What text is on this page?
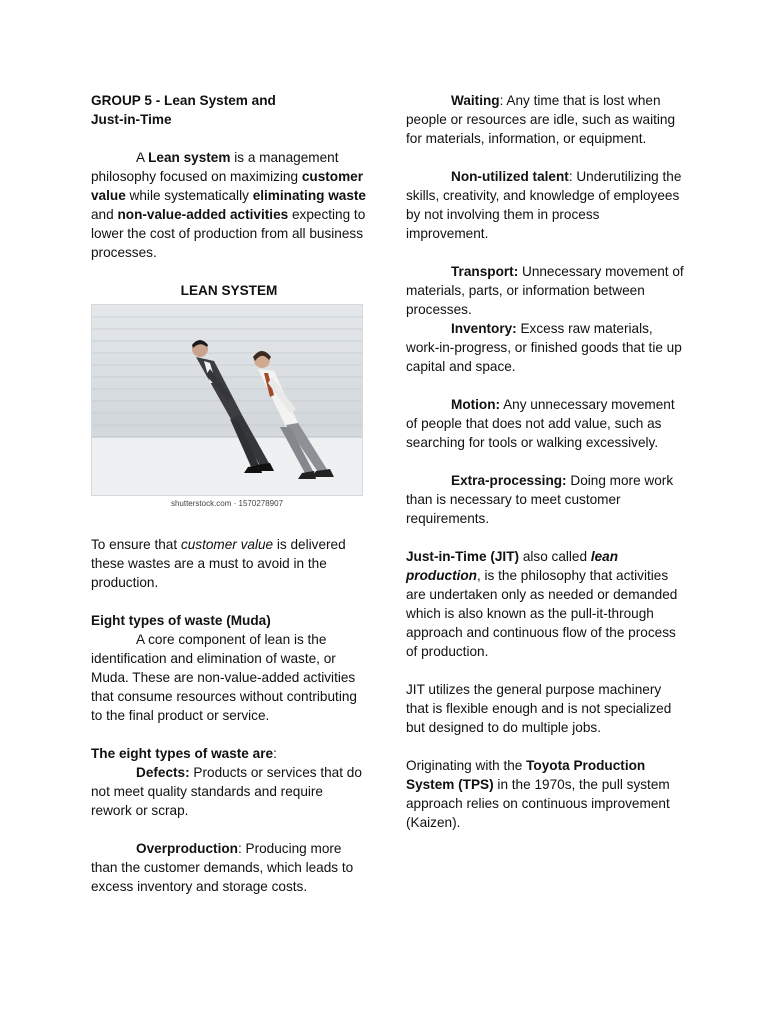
GROUP 5 - Lean System and
Just-in-Time

A Lean system is a management philosophy focused on maximizing customer value while systematically eliminating waste and non-value-added activities expecting to lower the cost of production from all business processes.

LEAN SYSTEM

shutterstock.com · 1570278907

To ensure that customer value is delivered these wastes are a must to avoid in the production.

Eight types of waste (Muda)

A core component of lean is the identification and elimination of waste, or Muda. These are non-value-added activities that consume resources without contributing to the final product or service.

The eight types of waste are:

Defects: Products or services that do not meet quality standards and require rework or scrap.

Overproduction: Producing more than the customer demands, which leads to excess inventory and storage costs.

Waiting: Any time that is lost when people or resources are idle, such as waiting for materials, information, or equipment.

Non-utilized talent: Underutilizing the skills, creativity, and knowledge of employees by not involving them in process improvement.

Transport: Unnecessary movement of materials, parts, or information between processes.

Inventory: Excess raw materials, work-in-progress, or finished goods that tie up capital and space.

Motion: Any unnecessary movement of people that does not add value, such as searching for tools or walking excessively.

Extra-processing: Doing more work than is necessary to meet customer requirements.

Just-in-Time (JIT) also called lean production, is the philosophy that activities are undertaken only as needed or demanded which is also known as the pull-it-through approach and continuous flow of the process of production.

JIT utilizes the general purpose machinery that is flexible enough and is not specialized but designed to do multiple jobs.

Originating with the Toyota Production System (TPS) in the 1970s, the pull system approach relies on continuous improvement (Kaizen).
